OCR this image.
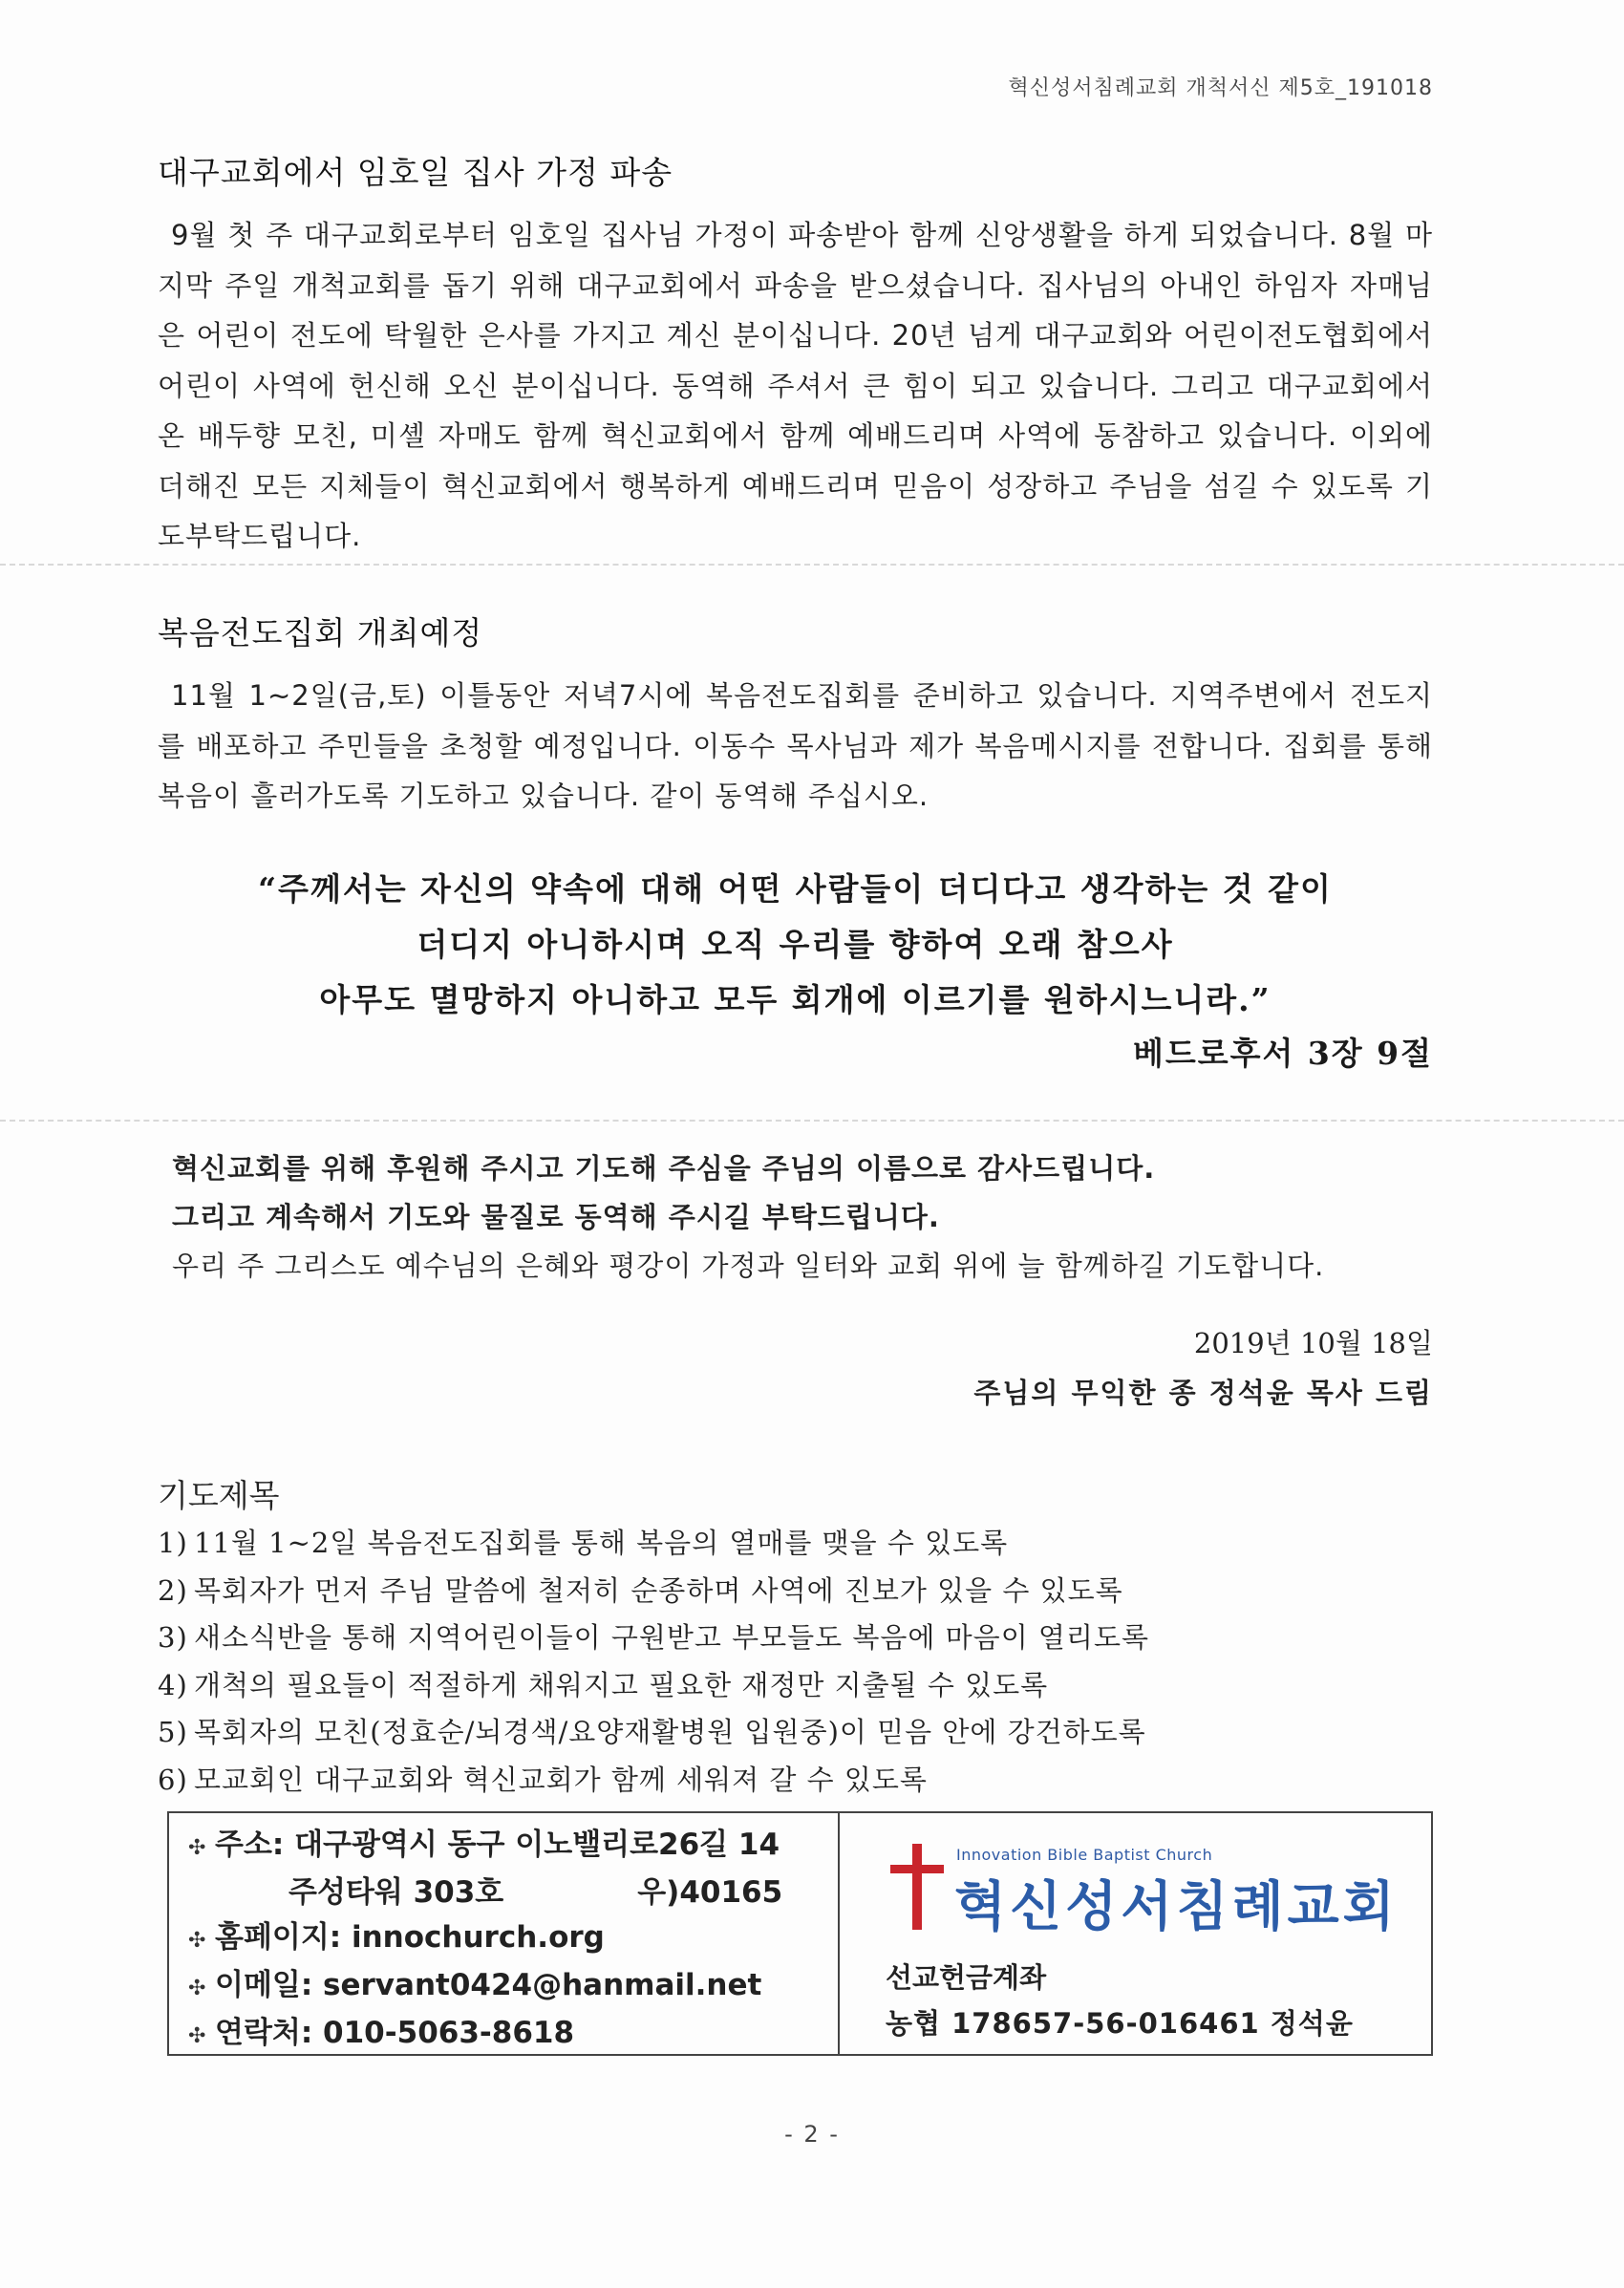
혁신성서침례교회 개척서신 제5호_191018
대구교회에서 임호일 집사 가정 파송
9월 첫 주 대구교회로부터 임호일 집사님 가정이 파송받아 함께 신앙생활을 하게 되었습니다. 8월 마지막 주일 개척교회를 돕기 위해 대구교회에서 파송을 받으셨습니다. 집사님의 아내인 하임자 자매님은 어린이 전도에 탁월한 은사를 가지고 계신 분이십니다. 20년 넘게 대구교회와 어린이전도협회에서 어린이 사역에 헌신해 오신 분이십니다. 동역해 주셔서 큰 힘이 되고 있습니다. 그리고 대구교회에서 온 배두향 모친, 미셸 자매도 함께 혁신교회에서 함께 예배드리며 사역에 동참하고 있습니다. 이외에 더해진 모든 지체들이 혁신교회에서 행복하게 예배드리며 믿음이 성장하고 주님을 섬길 수 있도록 기도부탁드립니다.
복음전도집회 개최예정
11월 1~2일(금,토) 이틀동안 저녁7시에 복음전도집회를 준비하고 있습니다. 지역주변에서 전도지를 배포하고 주민들을 초청할 예정입니다. 이동수 목사님과 제가 복음메시지를 전합니다. 집회를 통해 복음이 흘러가도록 기도하고 있습니다. 같이 동역해 주십시오.
“주께서는 자신의 약속에 대해 어떤 사람들이 더디다고 생각하는 것 같이
더디지 아니하시며 오직 우리를 향하여 오래 참으사
아무도 멸망하지 아니하고 모두 회개에 이르기를 원하시느니라.”
베드로후서 3장 9절
혁신교회를 위해 후원해 주시고 기도해 주심을 주님의 이름으로 감사드립니다.
그리고 계속해서 기도와 물질로 동역해 주시길 부탁드립니다.
우리 주 그리스도 예수님의 은혜와 평강이 가정과 일터와 교회 위에 늘 함께하길 기도합니다.
2019년 10월 18일
주님의 무익한 종 정석윤 목사 드림
기도제목
1) 11월 1~2일 복음전도집회를 통해 복음의 열매를 맺을 수 있도록
2) 목회자가 먼저 주님 말씀에 철저히 순종하며 사역에 진보가 있을 수 있도록
3) 새소식반을 통해 지역어린이들이 구원받고 부모들도 복음에 마음이 열리도록
4) 개척의 필요들이 적절하게 채워지고 필요한 재정만 지출될 수 있도록
5) 목회자의 모친(정효순/뇌경색/요양재활병원 입원중)이 믿음 안에 강건하도록
6) 모교회인 대구교회와 혁신교회가 함께 세워져 갈 수 있도록
✣ 주소: 대구광역시 동구 이노밸리로26길 14
주성타워 303호	우)40165
✣ 홈페이지: innochurch.org
✣ 이메일: servant0424@hanmail.net
✣ 연락처: 010-5063-8618
Innovation Bible Baptist Church
혁신성서침례교회
선교헌금계좌
농협 178657-56-016461 정석윤
- 2 -
